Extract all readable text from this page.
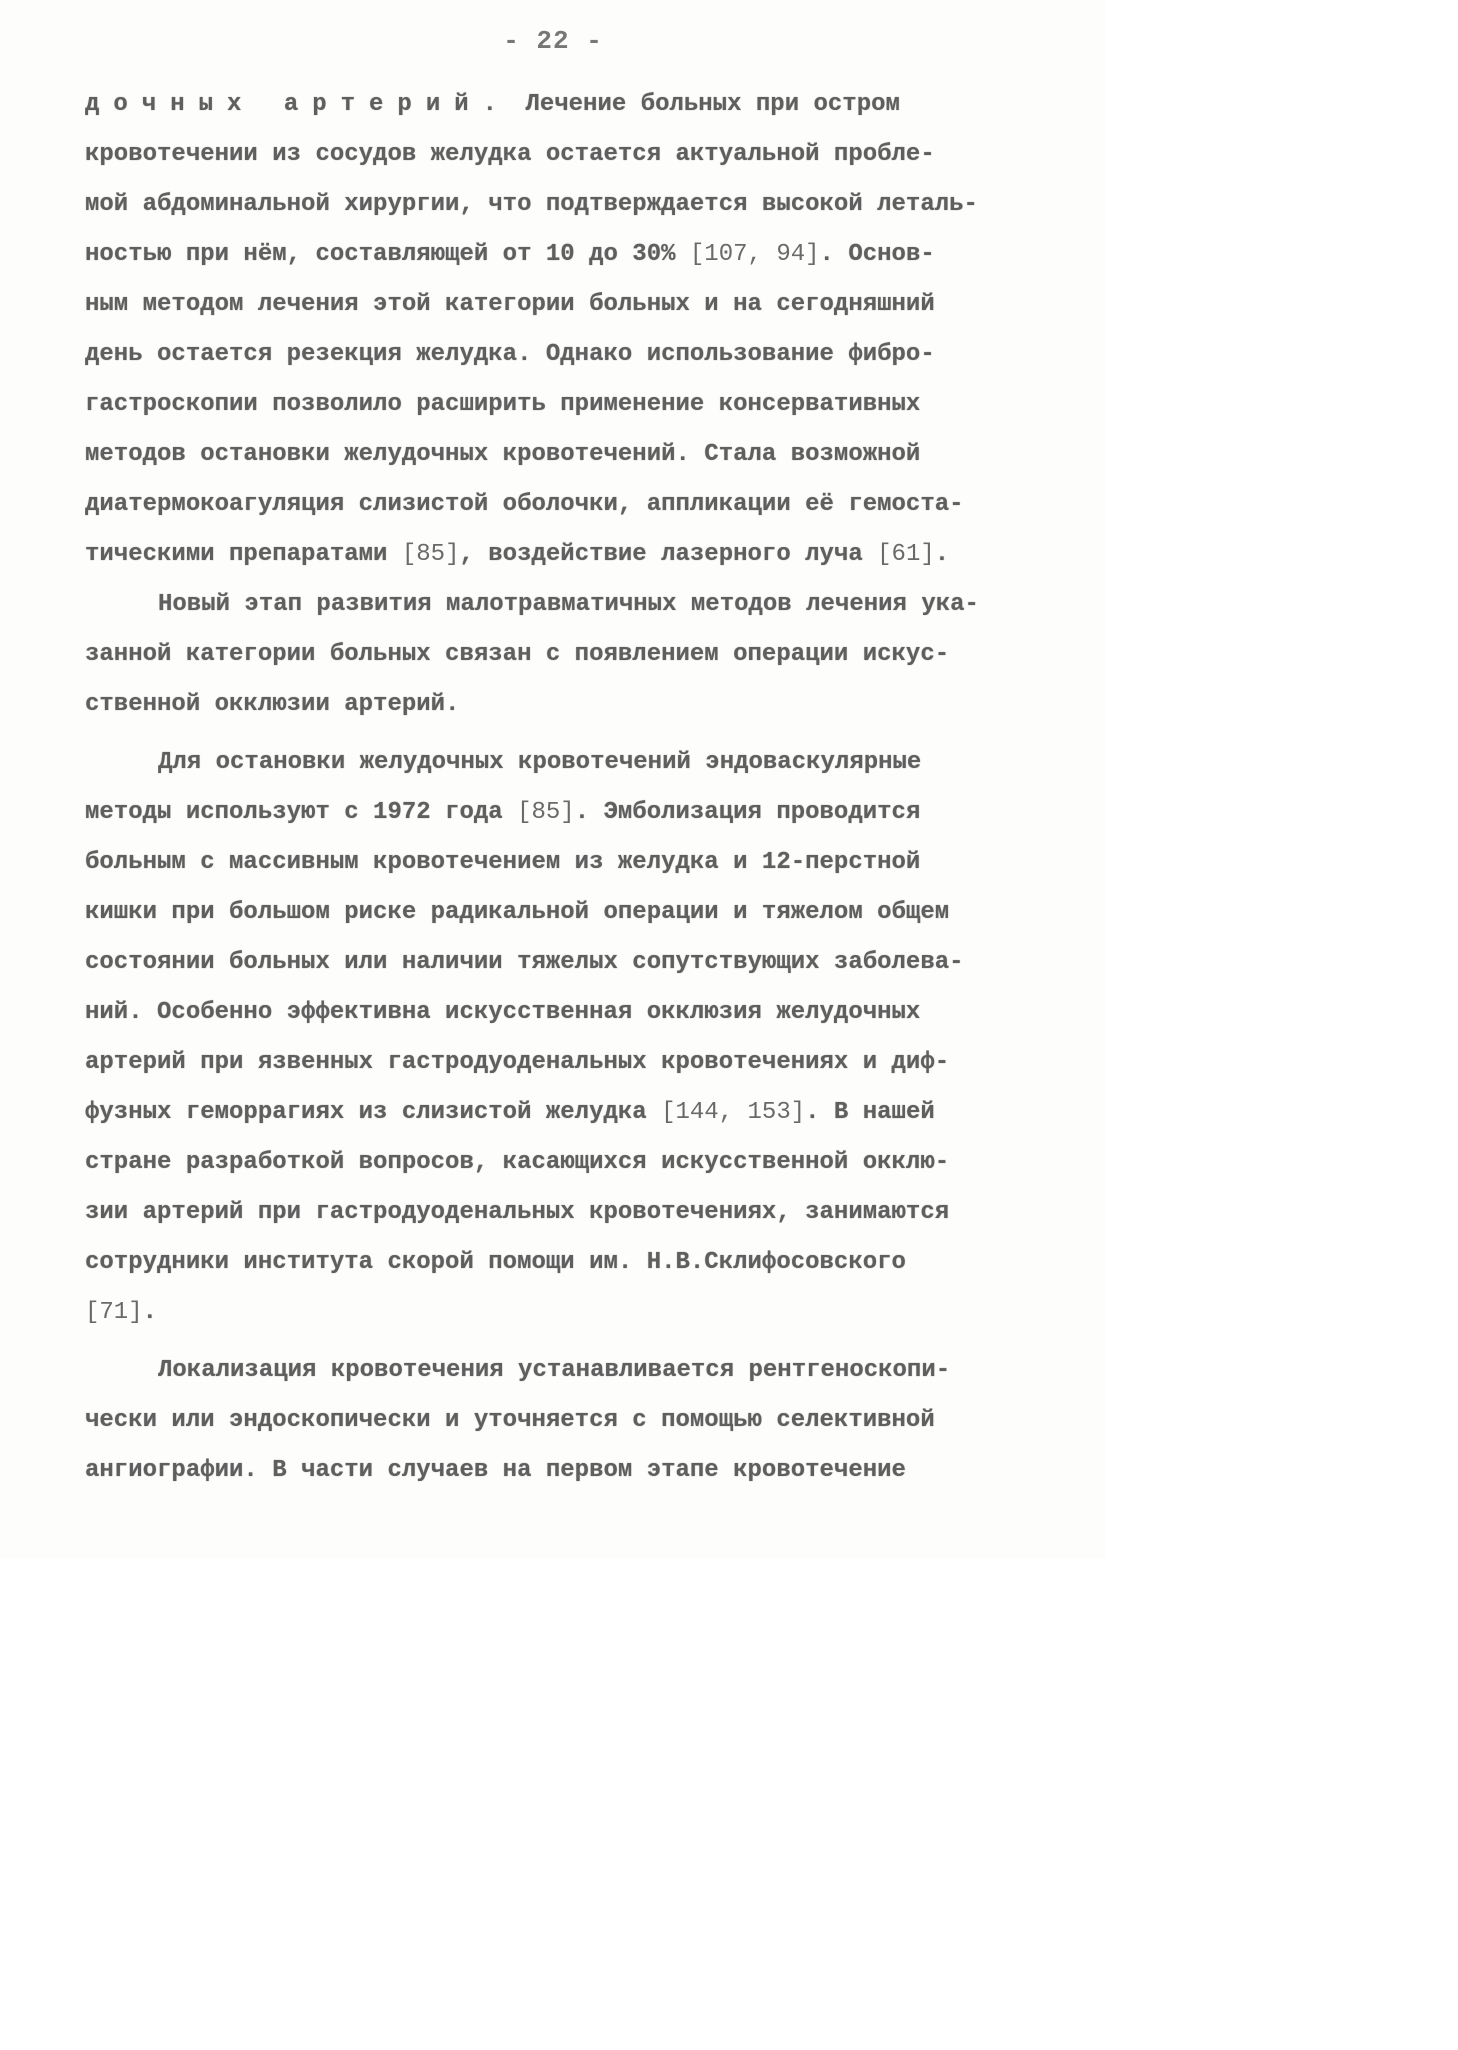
- 22 -
дочных артерий. Лечение больных при остром
кровотечении из сосудов желудка остается актуальной пробле-
мой абдоминальной хирургии, что подтверждается высокой леталь-
ностью при нём, составляющей от 10 до 30% [107, 94]. Основ-
ным методом лечения этой категории больных и на сегодняшний
день остается резекция желудка. Однако использование фибро-
гастроскопии позволило расширить применение консервативных
методов остановки желудочных кровотечений. Стала возможной
диатермокоагуляция слизистой оболочки, аппликации её гемоста-
тическими препаратами [85], воздействие лазерного луча [61].
Новый этап развития малотравматичных методов лечения ука-
занной категории больных связан с появлением операции искус-
ственной окклюзии артерий.
Для остановки желудочных кровотечений эндоваскулярные
методы используют с 1972 года [85]. Эмболизация проводится
больным с массивным кровотечением из желудка и 12-перстной
кишки при большом риске радикальной операции и тяжелом общем
состоянии больных или наличии тяжелых сопутствующих заболева-
ний. Особенно эффективна искусственная окклюзия желудочных
артерий при язвенных гастродуоденальных кровотечениях и диф-
фузных геморрагиях из слизистой желудка [144, 153]. В нашей
стране разработкой вопросов, касающихся искусственной окклю-
зии артерий при гастродуоденальных кровотечениях, занимаются
сотрудники института скорой помощи им. Н.В.Склифосовского
[71].
Локализация кровотечения устанавливается рентгеноскопи-
чески или эндоскопически и уточняется с помощью селективной
ангиографии. В части случаев на первом этапе кровотечение
